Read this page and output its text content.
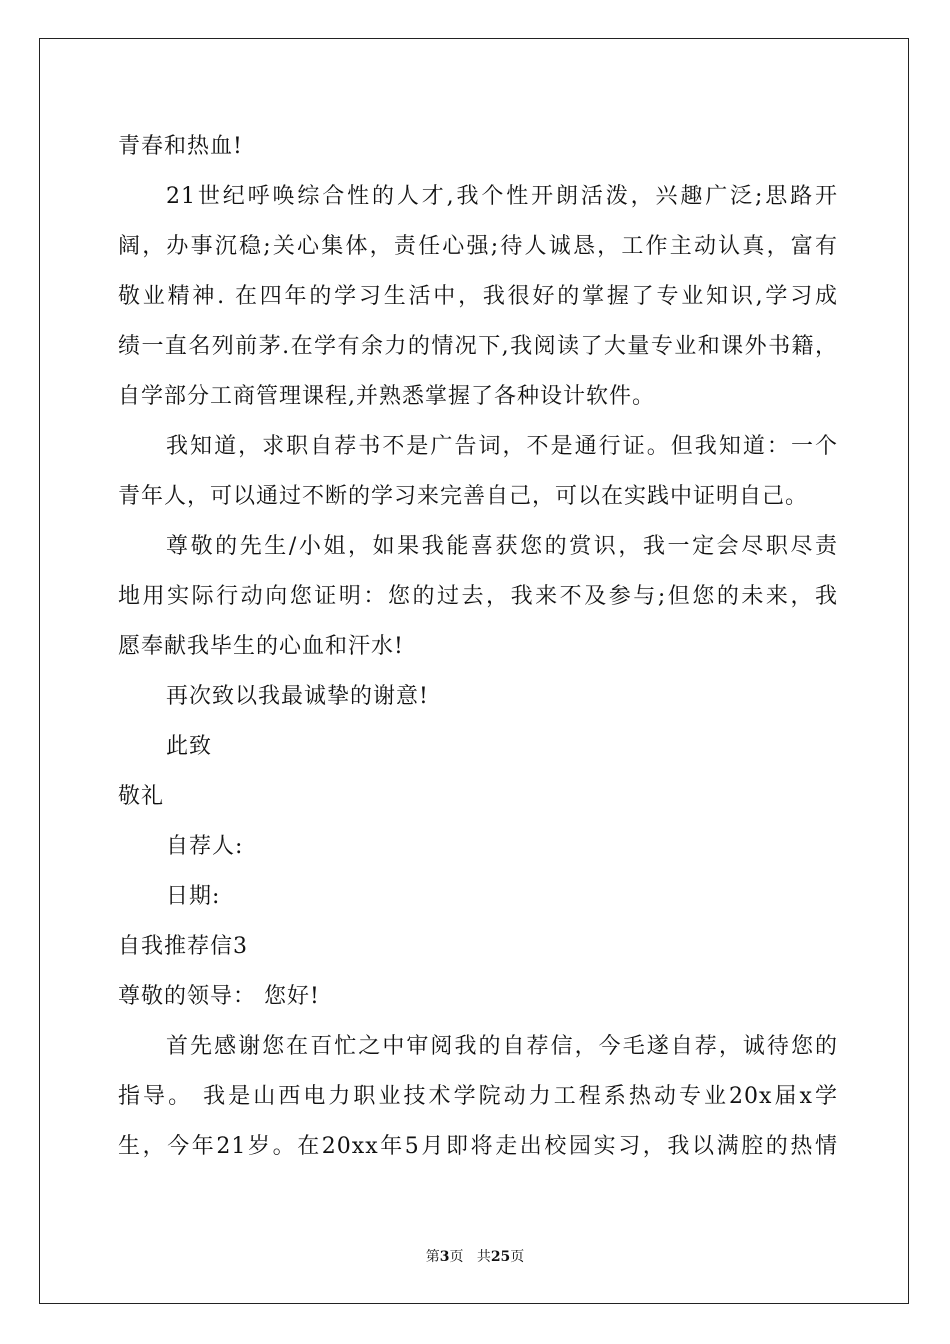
青春和热血!
21世纪呼唤综合性的人才,我个性开朗活泼，兴趣广泛;思路开
阔，办事沉稳;关心集体，责任心强;待人诚恳，工作主动认真，富有
敬业精神. 在四年的学习生活中，我很好的掌握了专业知识,学习成
绩一直名列前茅.在学有余力的情况下,我阅读了大量专业和课外书籍，
自学部分工商管理课程,并熟悉掌握了各种设计软件。
我知道，求职自荐书不是广告词，不是通行证。但我知道：一个
青年人，可以通过不断的学习来完善自己，可以在实践中证明自己。
尊敬的先生/小姐，如果我能喜获您的赏识，我一定会尽职尽责
地用实际行动向您证明：您的过去，我来不及参与;但您的未来，我
愿奉献我毕生的心血和汗水!
再次致以我最诚挚的谢意!
此致
敬礼
自荐人:
日期:
自我推荐信3
尊敬的领导： 您好!
首先感谢您在百忙之中审阅我的自荐信，今毛遂自荐，诚待您的
指导。 我是山西电力职业技术学院动力工程系热动专业20x届x学
生，今年21岁。在20xx年5月即将走出校园实习，我以满腔的热情
第3页 共25页
